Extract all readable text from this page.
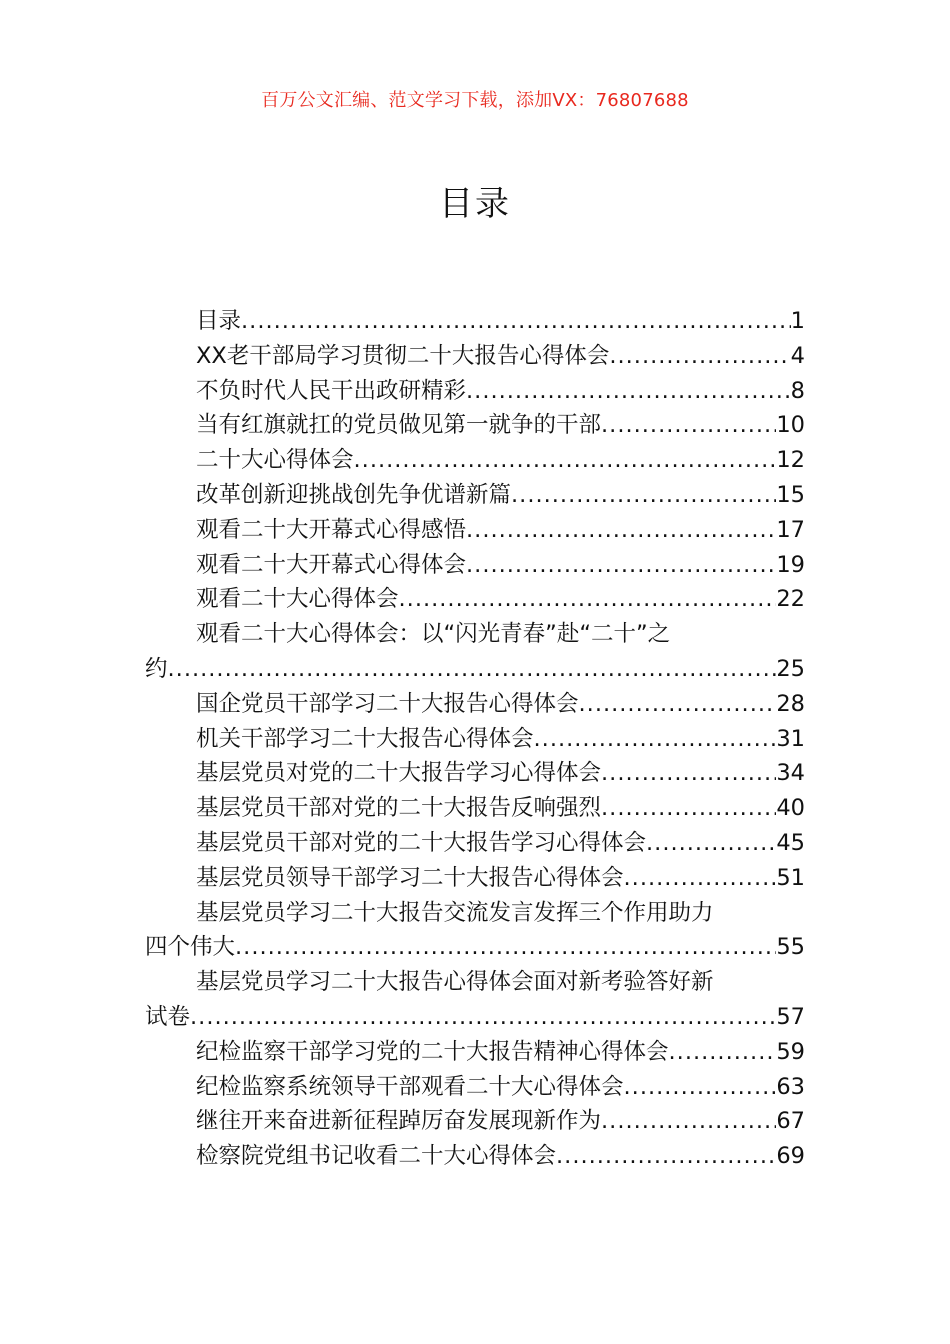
百万公文汇编、范文学习下载，添加VX：76807688
目录
目录 .....	1
XX老干部局学习贯彻二十大报告心得体会 .....	4
不负时代人民干出政研精彩 .....	8
当有红旗就扛的党员做见第一就争的干部 .....	10
二十大心得体会 .....	12
改革创新迎挑战创先争优谱新篇 .....	15
观看二十大开幕式心得感悟 .....	17
观看二十大开幕式心得体会 .....	19
观看二十大心得体会 .....	22
观看二十大心得体会：以“闪光青春”赴“二十”之
约 .....	25
国企党员干部学习二十大报告心得体会 .....	28
机关干部学习二十大报告心得体会 .....	31
基层党员对党的二十大报告学习心得体会 .....	34
基层党员干部对党的二十大报告反响强烈 .....	40
基层党员干部对党的二十大报告学习心得体会 .....	45
基层党员领导干部学习二十大报告心得体会 .....	51
基层党员学习二十大报告交流发言发挥三个作用助力
四个伟大 .....	55
基层党员学习二十大报告心得体会面对新考验答好新
试卷 .....	57
纪检监察干部学习党的二十大报告精神心得体会 .....	59
纪检监察系统领导干部观看二十大心得体会 .....	63
继往开来奋进新征程踔厉奋发展现新作为 .....	67
检察院党组书记收看二十大心得体会 .....	69
